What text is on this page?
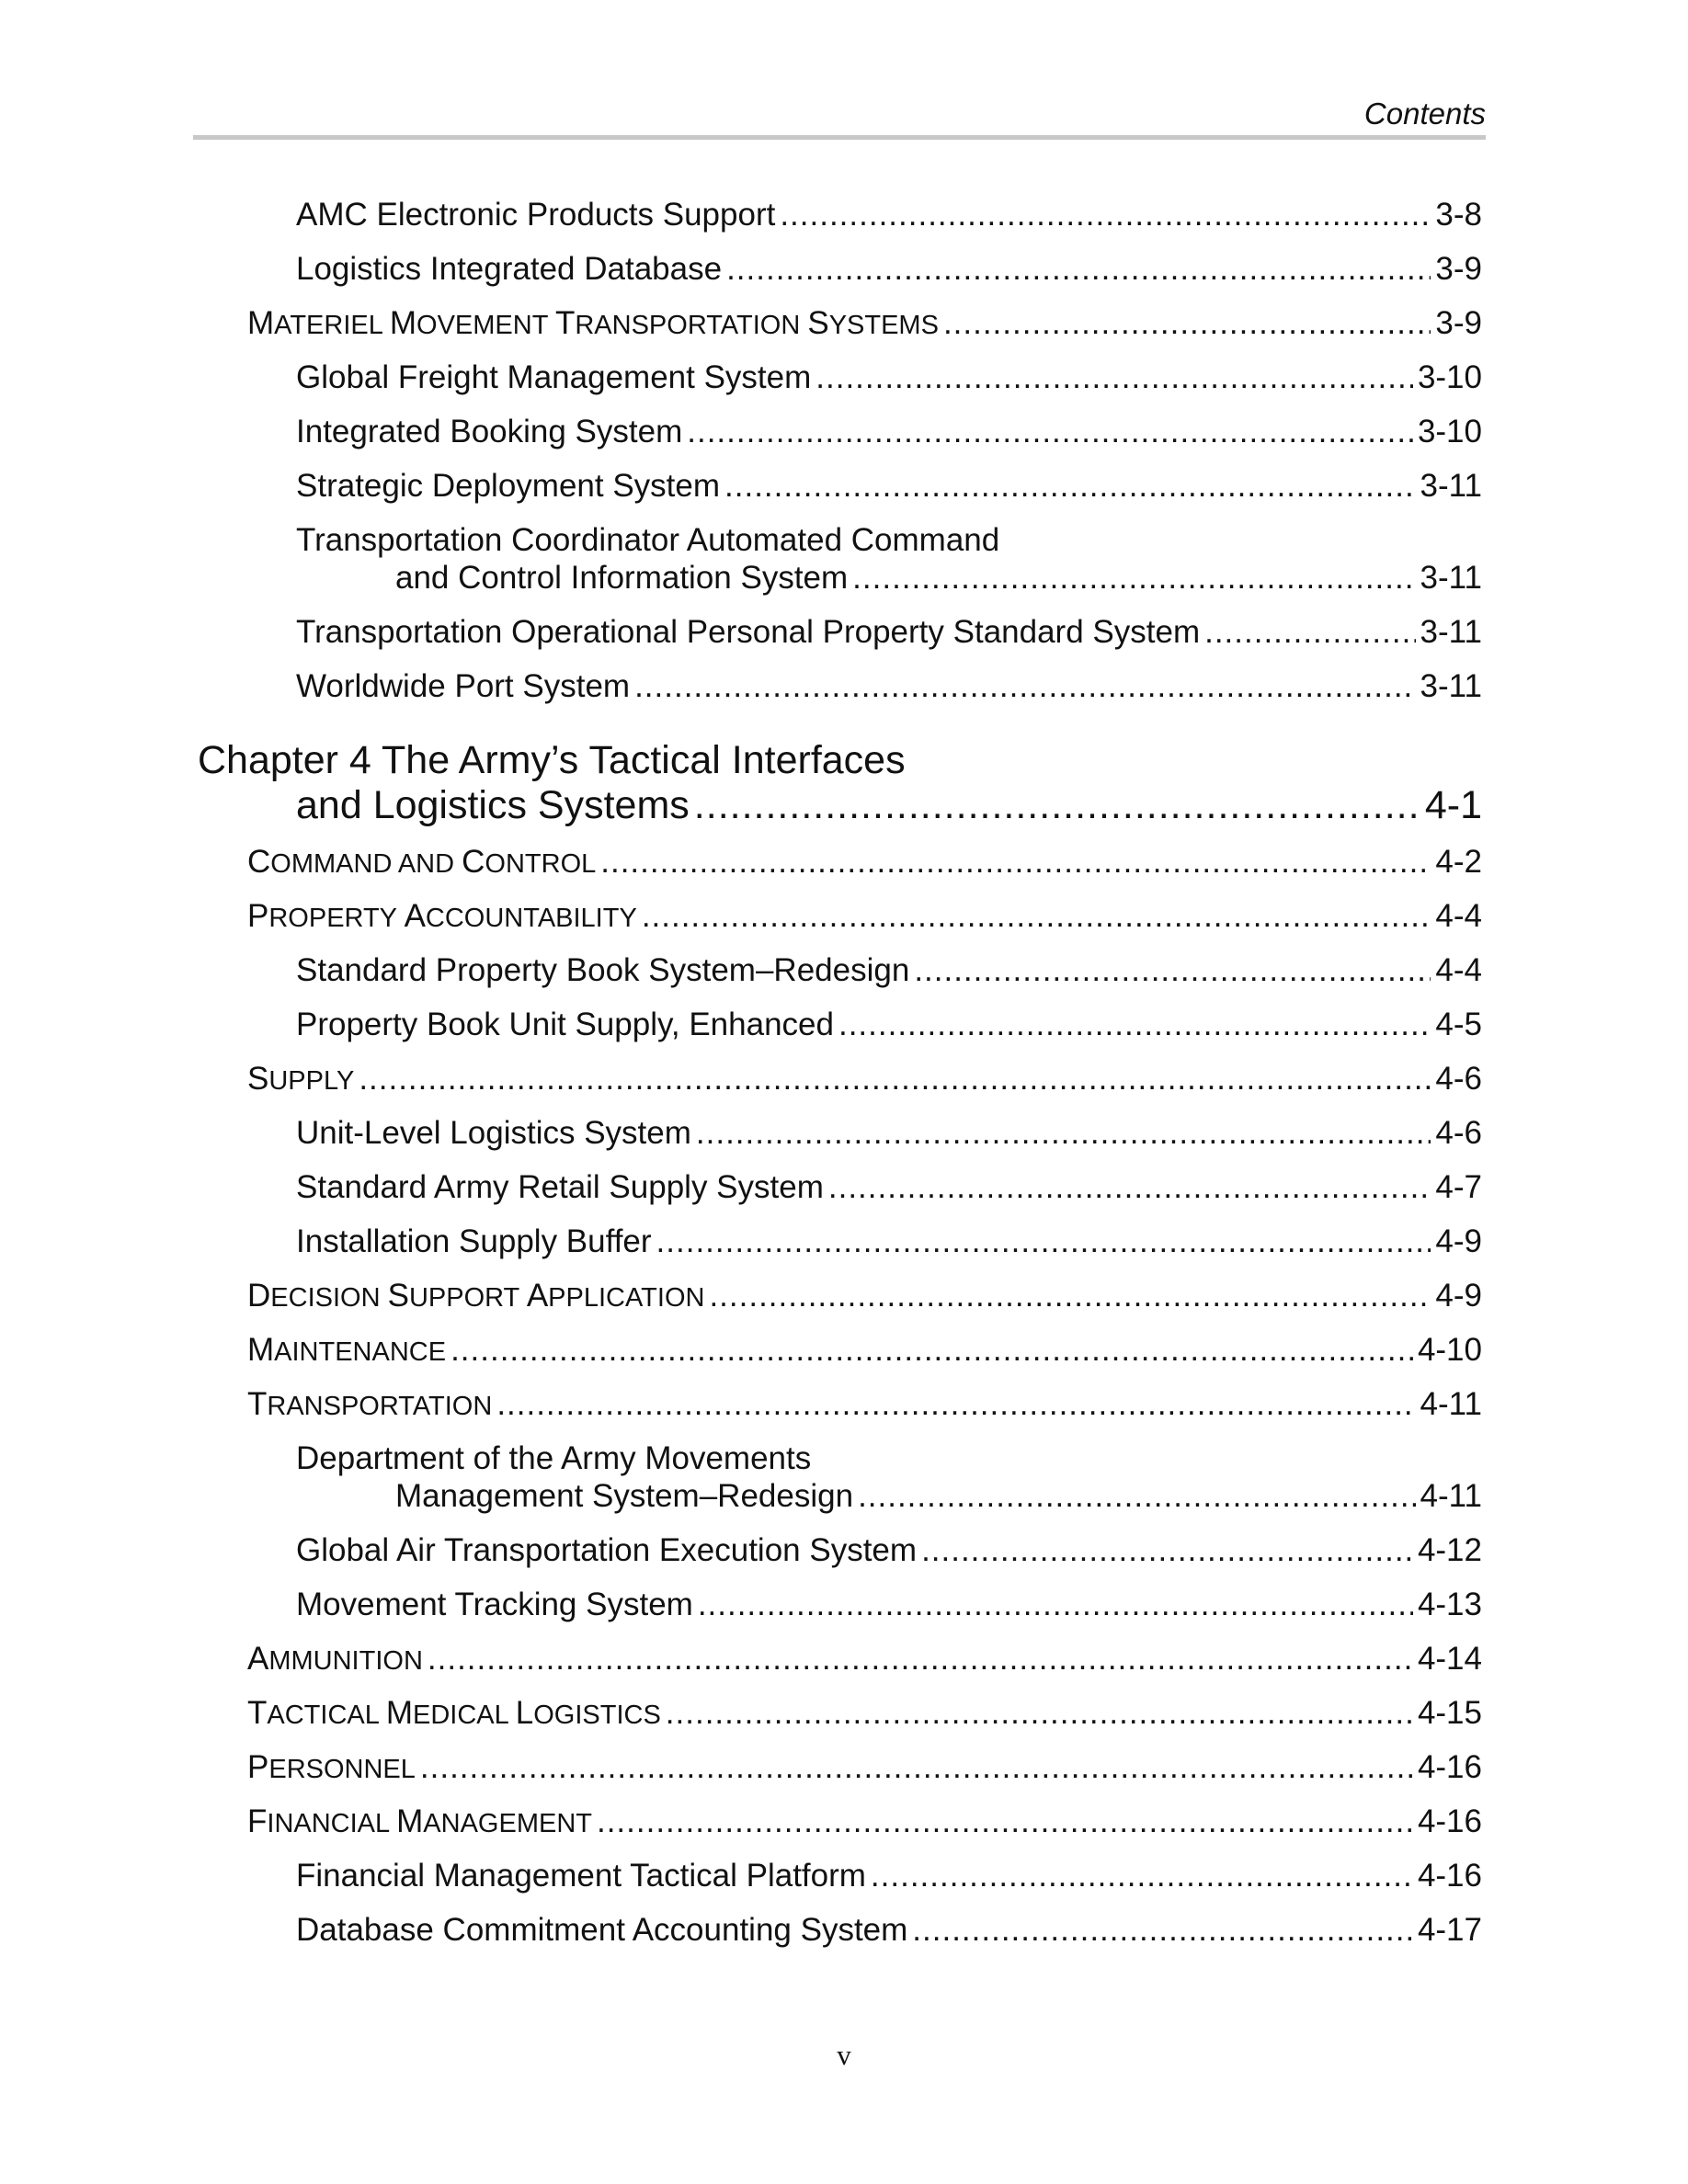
Contents
AMC Electronic Products Support .....	3-8
Logistics Integrated Database .....	3-9
MATERIEL MOVEMENT TRANSPORTATION SYSTEMS .....	3-9
Global Freight Management System .....	3-10
Integrated Booking System .....	3-10
Strategic Deployment System .....	3-11
Transportation Coordinator Automated Command
and Control Information System .....	3-11
Transportation Operational Personal Property Standard System .....	3-11
Worldwide Port System .....	3-11
Chapter 4 The Army’s Tactical Interfaces
and Logistics Systems .....	4-1
COMMAND AND CONTROL .....	4-2
PROPERTY ACCOUNTABILITY .....	4-4
Standard Property Book System–Redesign .....	4-4
Property Book Unit Supply, Enhanced .....	4-5
SUPPLY .....	4-6
Unit-Level Logistics System .....	4-6
Standard Army Retail Supply System .....	4-7
Installation Supply Buffer .....	4-9
DECISION SUPPORT APPLICATION .....	4-9
MAINTENANCE .....	4-10
TRANSPORTATION .....	4-11
Department of the Army Movements
Management System–Redesign .....	4-11
Global Air Transportation Execution System .....	4-12
Movement Tracking System .....	4-13
AMMUNITION .....	4-14
TACTICAL MEDICAL LOGISTICS .....	4-15
PERSONNEL .....	4-16
FINANCIAL MANAGEMENT .....	4-16
Financial Management Tactical Platform .....	4-16
Database Commitment Accounting System .....	4-17
v
